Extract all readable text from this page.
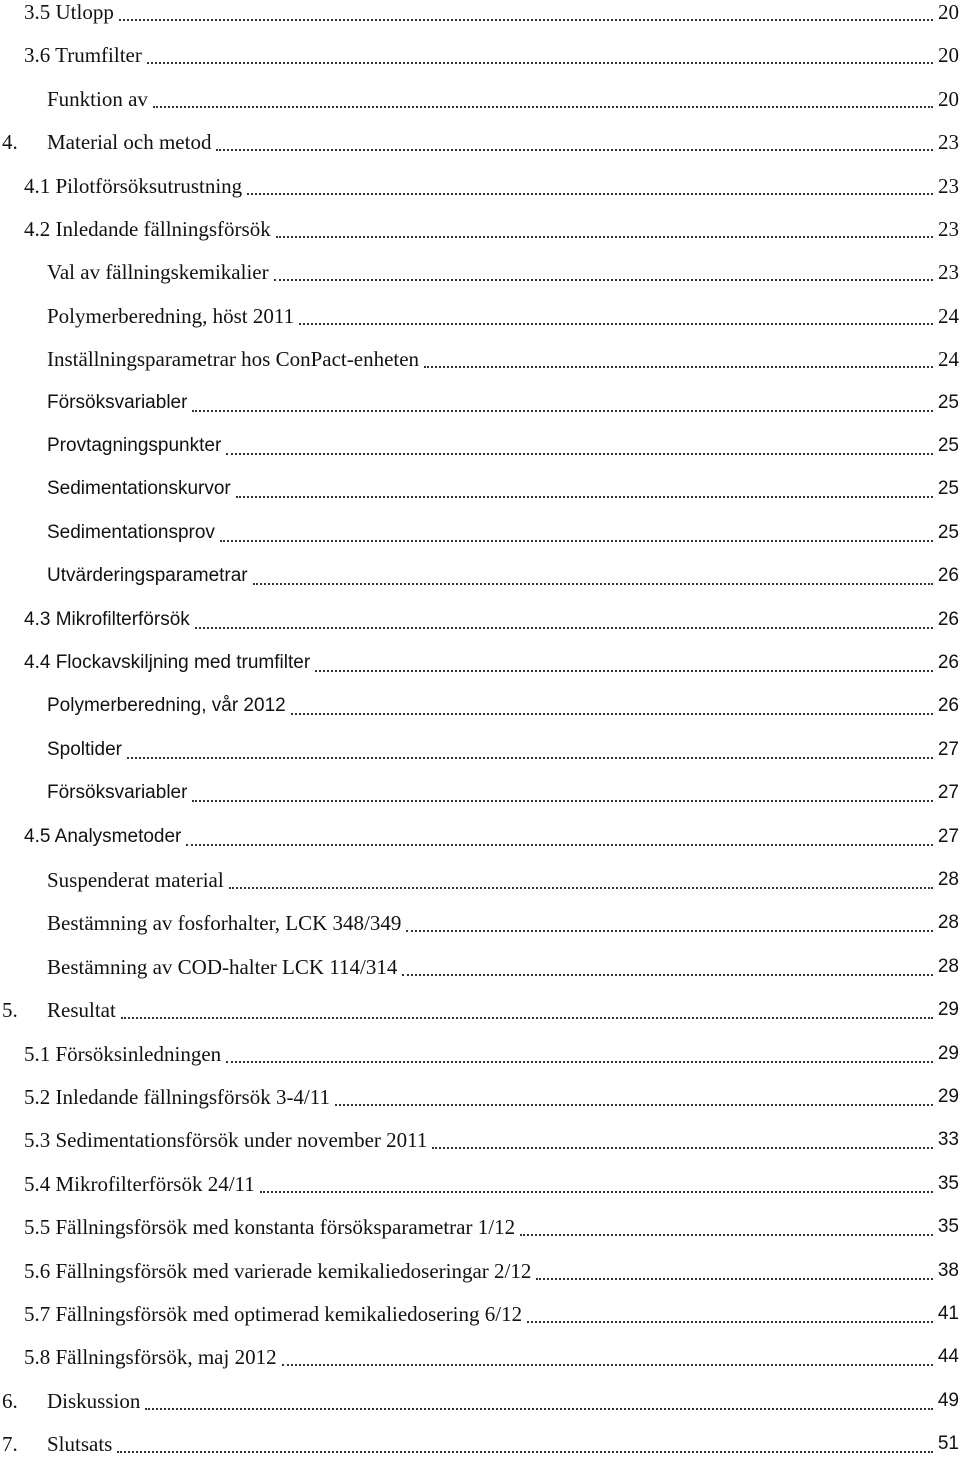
3.5 Utlopp	20
3.6 Trumfilter	20
Funktion av	20
4.	Material och metod	23
4.1 Pilotförsöksutrustning	23
4.2 Inledande fällningsförsök	23
Val av fällningskemikalier	23
Polymerberedning, höst 2011	24
Inställningsparametrar hos ConPact-enheten	24
Försöksvariabler	25
Provtagningspunkter	25
Sedimentationskurvor	25
Sedimentationsprov	25
Utvärderingsparametrar	26
4.3 Mikrofilterförsök	26
4.4 Flockavskiljning med trumfilter	26
Polymerberedning, vår 2012	26
Spoltider	27
Försöksvariabler	27
4.5 Analysmetoder	27
Suspenderat material	28
Bestämning av fosforhalter, LCK 348/349	28
Bestämning av COD-halter LCK 114/314	28
5.	Resultat	29
5.1 Försöksinledningen	29
5.2 Inledande fällningsförsök 3-4/11	29
5.3 Sedimentationsförsök under november 2011	33
5.4 Mikrofilterförsök 24/11	35
5.5 Fällningsförsök med konstanta försöksparametrar 1/12	35
5.6 Fällningsförsök med varierade kemikaliedoseringar 2/12	38
5.7 Fällningsförsök med optimerad kemikaliedosering 6/12	41
5.8 Fällningsförsök, maj 2012	44
6.	Diskussion	49
7.	Slutsats	51
